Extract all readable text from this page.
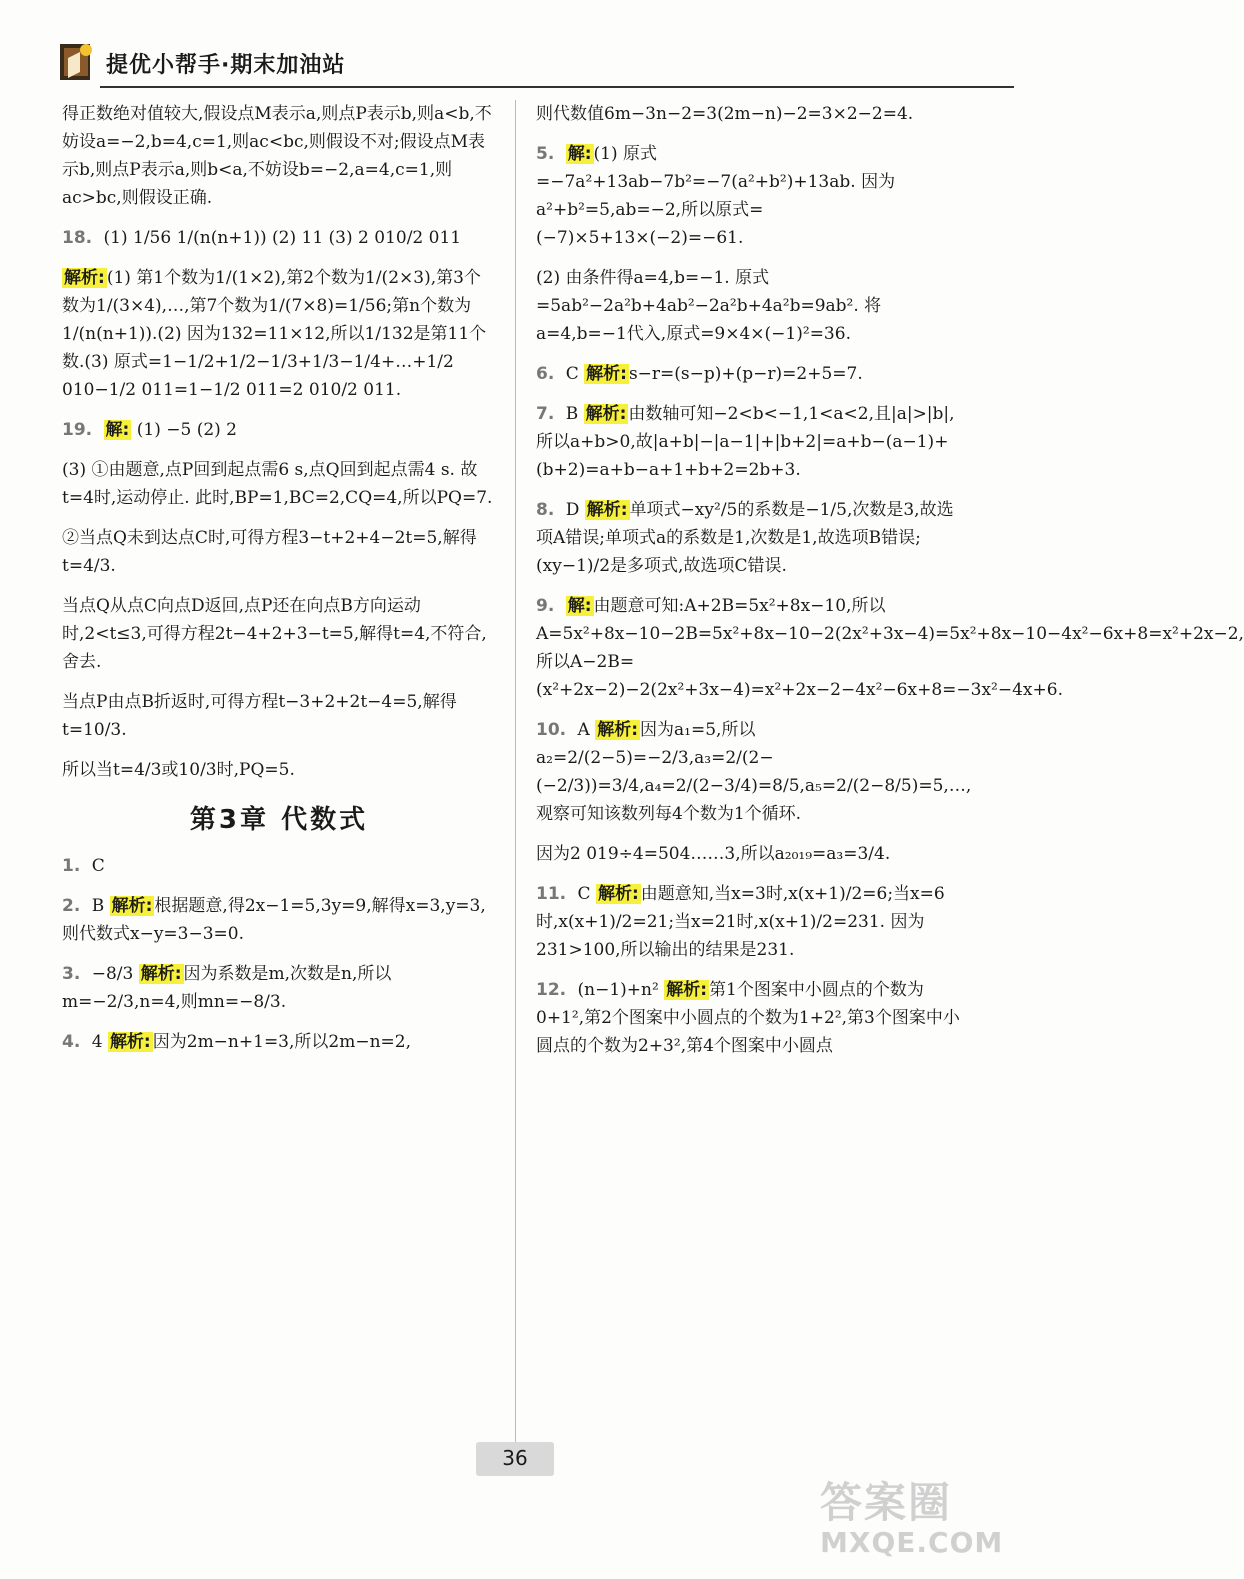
提优小帮手·期末加油站

得正数绝对值较大,假设点M表示a,则点P表示b,则a<b,不妨设a=−2,b=4,c=1,则ac<bc,则假设不对;假设点M表示b,则点P表示a,则b<a,不妨设b=−2,a=4,c=1,则ac>bc,则假设正确.

18. (1) 1/56 1/(n(n+1)) (2) 11 (3) 2 010/2 011

解析: (1) 第1个数为1/(1×2),第2个数为1/(2×3),第3个数为1/(3×4),…,第7个数为1/(7×8)=1/56;第n个数为1/(n(n+1)).(2) 因为132=11×12,所以1/132是第11个数.(3) 原式=1−1/2+1/2−1/3+1/3−1/4+…+1/2 010−1/2 011=1−1/2 011=2 010/2 011.

19. 解: (1) −5 (2) 2

(3) ①由题意,点P回到起点需6 s,点Q回到起点需4 s. 故t=4时,运动停止. 此时,BP=1,BC=2,CQ=4,所以PQ=7.

②当点Q未到达点C时,可得方程3−t+2+4−2t=5,解得t=4/3.

当点Q从点C向点D返回,点P还在向点B方向运动时,2<t≤3,可得方程2t−4+2+3−t=5,解得t=4,不符合,舍去.

当点P由点B折返时,可得方程t−3+2+2t−4=5,解得t=10/3.

所以当t=4/3或10/3时,PQ=5.

第3章 代数式
1. C
2. B 解析: 根据题意,得2x−1=5,3y=9,解得x=3,y=3,则代数式x−y=3−3=0.
3. −8/3 解析: 因为系数是m,次数是n,所以m=−2/3,n=4,则mn=−8/3.
4. 4 解析: 因为2m−n+1=3,所以2m−n=2,

则代数值6m−3n−2=3(2m−n)−2=3×2−2=4.

5. 解: (1) 原式=−7a²+13ab−7b²=−7(a²+b²)+13ab. 因为a²+b²=5,ab=−2,所以原式=(−7)×5+13×(−2)=−61.

(2) 由条件得a=4,b=−1. 原式=5ab²−2a²b+4ab²−2a²b+4a²b=9ab². 将a=4,b=−1代入,原式=9×4×(−1)²=36.

6. C 解析: s−r=(s−p)+(p−r)=2+5=7.
7. B 解析: 由数轴可知−2<b<−1,1<a<2,且|a|>|b|,所以a+b>0,故|a+b|−|a−1|+|b+2|=a+b−(a−1)+(b+2)=a+b−a+1+b+2=2b+3.
8. D 解析: 单项式−xy²/5的系数是−1/5,次数是3,故选项A错误;单项式a的系数是1,次数是1,故选项B错误;(xy−1)/2是多项式,故选项C错误.
9. 解: 由题意可知:A+2B=5x²+8x−10,所以A=5x²+8x−10−2B=5x²+8x−10−2(2x²+3x−4)=5x²+8x−10−4x²−6x+8=x²+2x−2,所以A−2B=(x²+2x−2)−2(2x²+3x−4)=x²+2x−2−4x²−6x+8=−3x²−4x+6.
10. A 解析: 因为a₁=5,所以a₂=2/(2−5)=−2/3,a₃=2/(2−(−2/3))=3/4,a₄=2/(2−3/4)=8/5,a₅=2/(2−8/5)=5,…,观察可知该数列每4个数为1个循环.

因为2 019÷4=504……3,所以a₂₀₁₉=a₃=3/4.

11. C 解析: 由题意知,当x=3时,x(x+1)/2=6;当x=6时,x(x+1)/2=21;当x=21时,x(x+1)/2=231. 因为231>100,所以输出的结果是231.
12. (n−1)+n² 解析: 第1个图案中小圆点的个数为0+1²,第2个图案中小圆点的个数为1+2²,第3个图案中小圆点的个数为2+3²,第4个图案中小圆点
36
答案圈
MXQE.COM
